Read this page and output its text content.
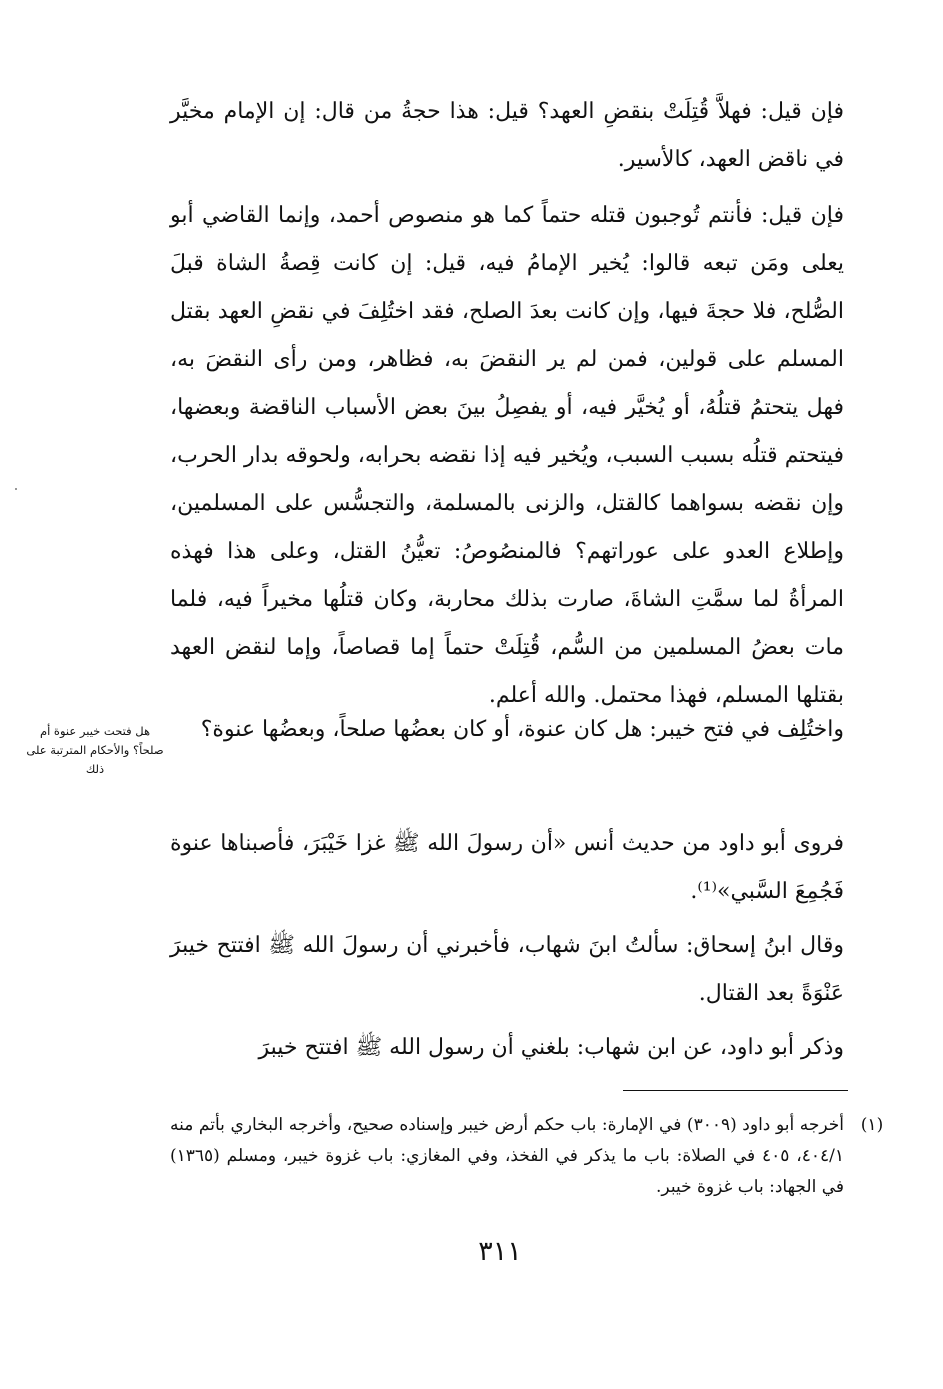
فإن قيل: فهلاَّ قُتِلَتْ بنقضِ العهد؟ قيل: هذا حجةُ من قال: إن الإمام مخيَّر في ناقض العهد، كالأسير.

فإن قيل: فأنتم تُوجبون قتله حتماً كما هو منصوص أحمد، وإنما القاضي أبو يعلى ومَن تبعه قالوا: يُخير الإمامُ فيه، قيل: إن كانت قِصةُ الشاة قبلَ الصُّلح، فلا حجةَ فيها، وإن كانت بعدَ الصلح، فقد اختُلِفَ في نقضِ العهد بقتل المسلم على قولين، فمن لم ير النقضَ به، فظاهر، ومن رأى النقضَ به، فهل يتحتمُ قتلُهُ، أو يُخيَّر فيه، أو يفصِلُ بينَ بعض الأسباب الناقضة وبعضها، فيتحتم قتلُه بسبب السبب، ويُخير فيه إذا نقضه بحرابه، ولحوقه بدار الحرب، وإن نقضه بسواهما كالقتل، والزنى بالمسلمة، والتجسُّس على المسلمين، وإطلاع العدو على عوراتهم؟ فالمنصُوصُ: تعيُّنُ القتل، وعلى هذا فهذه المرأةُ لما سمَّتِ الشاةَ، صارت بذلك محاربة، وكان قتلُها مخيراً فيه، فلما مات بعضُ المسلمين من السُّم، قُتِلَتْ حتماً إما قصاصاً، وإما لنقض العهد بقتلها المسلم، فهذا محتمل. والله أعلم.

هل فتحت خيبر عنوة أم صلحاً؟ والأحكام المترتبة على ذلك

واختُلِف في فتح خيبر: هل كان عنوة، أو كان بعضُها صلحاً، وبعضُها عنوة؟

فروى أبو داود من حديث أنس «أن رسولَ الله ﷺ غزا خَيْبَرَ، فأصبناها عنوة فَجُمِعَ السَّبي»⁽¹⁾.

وقال ابنُ إسحاق: سألتُ ابنَ شهاب، فأخبرني أن رسولَ الله ﷺ افتتح خيبرَ عَنْوَةً بعد القتال.

وذكر أبو داود، عن ابن شهاب: بلغني أن رسول الله ﷺ افتتح خيبرَ

(١)
أخرجه أبو داود (٣٠٠٩) في الإمارة: باب حكم أرض خيبر وإسناده صحيح، وأخرجه البخاري بأتم منه ٤٠٤/١، ٤٠٥ في الصلاة: باب ما يذكر في الفخذ، وفي المغازي: باب غزوة خيبر، ومسلم (١٣٦٥) في الجهاد: باب غزوة خيبر.
٣١١
